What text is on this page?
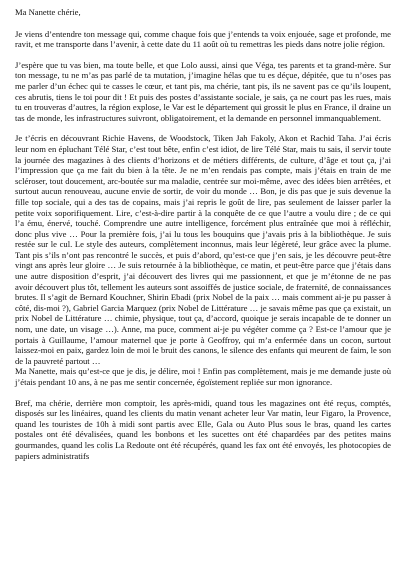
Ma Nanette chérie,

Je viens d’entendre ton message qui, comme chaque fois que j’entends ta voix enjouée, sage et profonde, me ravit, et me transporte dans l’avenir, à cette date du 11 août où tu remettras les pieds dans notre jolie région.

J’espère que tu vas bien, ma toute belle, et que Lolo aussi, ainsi que Véga, tes parents et ta grand-mère. Sur ton message, tu ne m’as pas parlé de ta mutation, j’imagine hélas que tu es déçue, dépitée, que tu n’oses pas me parler d’un échec qui te casses le cœur, et tant pis, ma chérie, tant pis, ils ne savent pas ce qu’ils loupent, ces abrutis, tiens le toi pour dit ! Et puis des postes d’assistante sociale, je sais, ça ne court pas les rues, mais tu en trouveras d’autres, la région explose, le Var est le département qui grossit le plus en France, il draine un tas de monde, les infrastructures suivront, obligatoirement, et la demande en personnel immanquablement.

Je t’écris en découvrant Richie Havens, de Woodstock, Tiken Jah Fakoly, Akon et Rachid Taha. J’ai écris leur nom en épluchant Télé Star, c’est tout bête, enfin c’est idiot, de lire Télé Star, mais tu sais, il servir toute la journée des magazines à des clients d’horizons et de métiers différents, de culture, d’âge et tout ça, j’ai l’impression que ça me fait du bien à la tête. Je ne m’en rendais pas compte, mais j’étais en train de me scléroser, tout doucement, arc-boutée sur ma maladie, centrée sur moi-même, avec des idées bien arrêtées, et surtout aucun renouveau, aucune envie de sortir, de voir du monde … Bon, je dis pas que je suis devenue la fille top sociale, qui a des tas de copains, mais j’ai repris le goût de lire, pas seulement de laisser parler la petite voix soporifiquement. Lire, c’est-à-dire partir à la conquête de ce que l’autre a voulu dire ; de ce qui l’a ému, énervé, touché. Comprendre une autre intelligence, forcément plus entraînée que moi à réfléchir, donc plus vive … Pour la première fois, j’ai lu tous les bouquins que j’avais pris à la bibliothèque. Je suis restée sur le cul. Le style des auteurs, complètement inconnus, mais leur légèreté, leur grâce avec la plume. Tant pis s’ils n’ont pas rencontré le succès, et puis d’abord, qu’est-ce que j’en sais, je les découvre peut-être vingt ans après leur gloire … Je suis retournée à la bibliothèque, ce matin, et peut-être parce que j’étais dans une autre disposition d’esprit, j’ai découvert des livres qui me passionnent, et que je m’étonne de ne pas avoir découvert plus tôt, tellement les auteurs sont assoiffés de justice sociale, de fraternité, de connaissances brutes. Il s’agit de Bernard Kouchner, Shirin Ebadi (prix Nobel de la paix … mais comment ai-je pu passer à côté, dis-moi ?), Gabriel Garcia Marquez (prix Nobel de Littérature … je savais même pas que ça existait, un prix Nobel de Littérature … chimie, physique, tout ça, d’accord, quoique je serais incapable de te donner un nom, une date, un visage …). Anne, ma puce, comment ai-je pu végéter comme ça ? Est-ce l’amour que je portais à Guillaume, l’amour maternel que je porte à Geoffroy, qui m’a enfermée dans un cocon, surtout laissez-moi en paix, gardez loin de moi le bruit des canons, le silence des enfants qui meurent de faim, le son de la pauvreté partout …

Ma Nanette, mais qu’est-ce que je dis, je délire, moi ! Enfin pas complètement, mais je me demande juste où j’étais pendant 10 ans, à ne pas me sentir concernée, égoïstement repliée sur mon ignorance.

Bref, ma chérie, derrière mon comptoir, les après-midi, quand tous les magazines ont été reçus, comptés, disposés sur les linéaires, quand les clients du matin venant acheter leur Var matin, leur Figaro, la Provence, quand les touristes de 10h à midi sont partis avec Elle, Gala ou Auto Plus sous le bras, quand les cartes postales ont été dévalisées, quand les bonbons et les sucettes ont été chapardées par des petites mains gourmandes, quand les colis La Redoute ont été récupérés, quand les fax ont été envoyés, les photocopies de papiers administratifs
